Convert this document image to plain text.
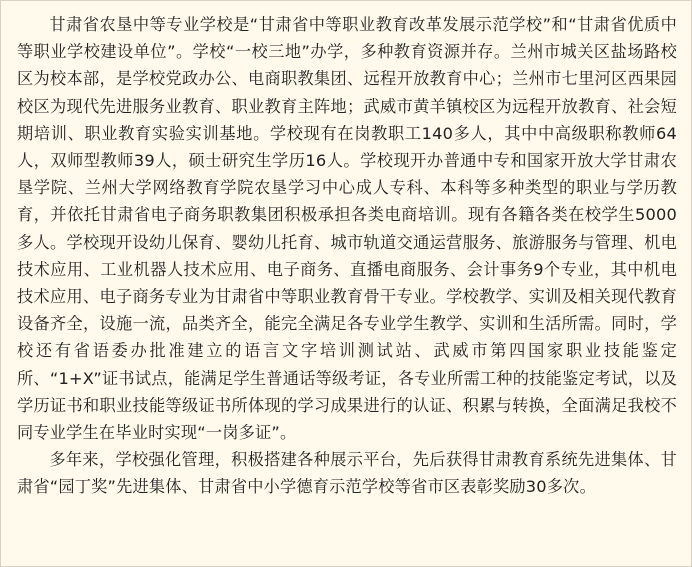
甘肃省农垦中等专业学校是“甘肃省中等职业教育改革发展示范学校”和“甘肃省优质中等职业学校建设单位”。学校“一校三地”办学，多种教育资源并存。兰州市城关区盐场路校区为校本部，是学校党政办公、电商职教集团、远程开放教育中心；兰州市七里河区西果园校区为现代先进服务业教育、职业教育主阵地；武威市黄羊镇校区为远程开放教育、社会短期培训、职业教育实验实训基地。学校现有在岗教职工140多人，其中中高级职称教师64人，双师型教师39人，硕士研究生学历16人。学校现开办普通中专和国家开放大学甘肃农垦学院、兰州大学网络教育学院农垦学习中心成人专科、本科等多种类型的职业与学历教育，并依托甘肃省电子商务职教集团积极承担各类电商培训。现有各籍各类在校学生5000多人。学校现开设幼儿保育、婴幼儿托育、城市轨道交通运营服务、旅游服务与管理、机电技术应用、工业机器人技术应用、电子商务、直播电商服务、会计事务9个专业，其中机电技术应用、电子商务专业为甘肃省中等职业教育骨干专业。学校教学、实训及相关现代教育设备齐全，设施一流，品类齐全，能完全满足各专业学生教学、实训和生活所需。同时，学校还有省语委办批准建立的语言文字培训测试站、武威市第四国家职业技能鉴定所、“1+X”证书试点，能满足学生普通话等级考证，各专业所需工种的技能鉴定考试，以及学历证书和职业技能等级证书所体现的学习成果进行的认证、积累与转换，全面满足我校不同专业学生在毕业时实现“一岗多证”。

多年来，学校强化管理，积极搭建各种展示平台，先后获得甘肃教育系统先进集体、甘肃省“园丁奖”先进集体、甘肃省中小学德育示范学校等省市区表彰奖励30多次。
